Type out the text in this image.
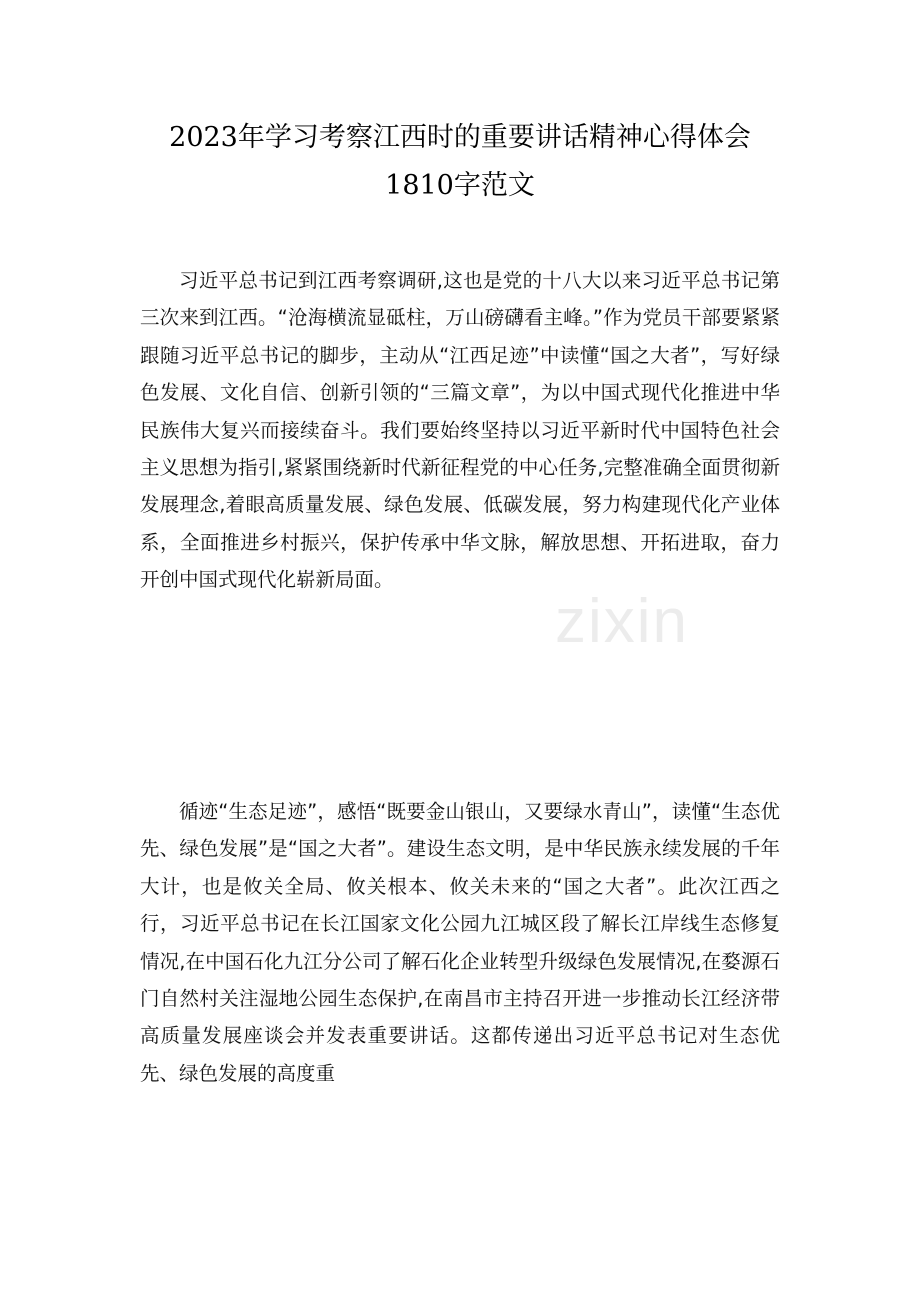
2023年学习考察江西时的重要讲话精神心得体会
1810字范文

习近平总书记到江西考察调研,这也是党的十八大以来习近平总书记第三次来到江西。“沧海横流显砥柱，万山磅礴看主峰。”作为党员干部要紧紧跟随习近平总书记的脚步，主动从“江西足迹”中读懂“国之大者”，写好绿色发展、文化自信、创新引领的“三篇文章”，为以中国式现代化推进中华民族伟大复兴而接续奋斗。我们要始终坚持以习近平新时代中国特色社会主义思想为指引,紧紧围绕新时代新征程党的中心任务,完整准确全面贯彻新发展理念,着眼高质量发展、绿色发展、低碳发展，努力构建现代化产业体系，全面推进乡村振兴，保护传承中华文脉，解放思想、开拓进取，奋力开创中国式现代化崭新局面。

zixin

循迹“生态足迹”，感悟“既要金山银山，又要绿水青山”，读懂“生态优先、绿色发展”是“国之大者”。建设生态文明，是中华民族永续发展的千年大计，也是攸关全局、攸关根本、攸关未来的“国之大者”。此次江西之行，习近平总书记在长江国家文化公园九江城区段了解长江岸线生态修复情况,在中国石化九江分公司了解石化企业转型升级绿色发展情况,在婺源石门自然村关注湿地公园生态保护,在南昌市主持召开进一步推动长江经济带高质量发展座谈会并发表重要讲话。这都传递出习近平总书记对生态优先、绿色发展的高度重
